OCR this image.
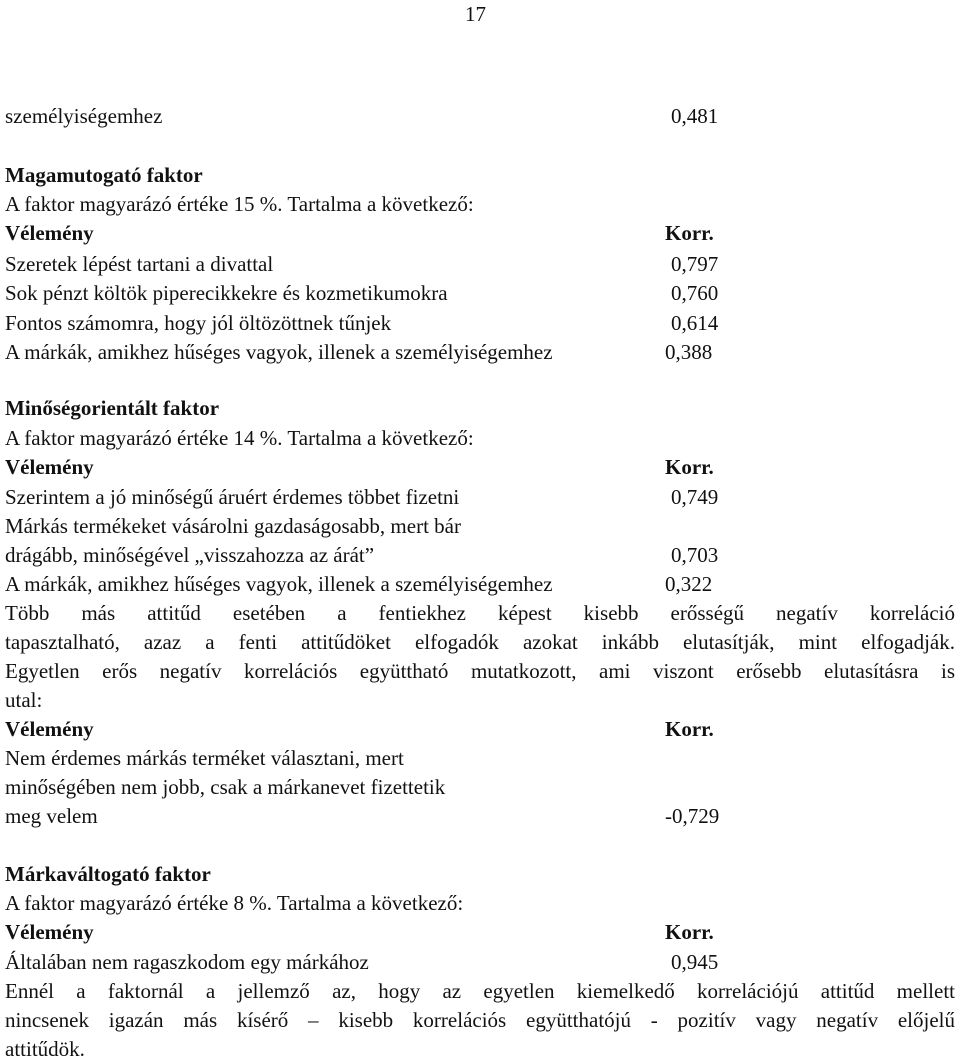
17
személyiségemhez	0,481
Magamutogató faktor
A faktor magyarázó értéke 15 %. Tartalma a következő:
Vélemény	Korr.
Szeretek lépést tartani a divattal	0,797
Sok pénzt költök piperecikkekre és kozmetikumokra	0,760
Fontos számomra, hogy jól öltözöttnek tűnjek	0,614
A márkák, amikhez hűséges vagyok, illenek a személyiségemhez	0,388
Minőségorientált faktor
A faktor magyarázó értéke 14 %. Tartalma a következő:
Vélemény	Korr.
Szerintem a jó minőségű áruért érdemes többet fizetni	0,749
Márkás termékeket vásárolni gazdaságosabb, mert bár
drágább, minőségével „visszahozza az árát”	0,703
A márkák, amikhez hűséges vagyok, illenek a személyiségemhez	0,322
Több más attitűd esetében a fentiekhez képest kisebb erősségű negatív korreláció
tapasztalható, azaz a fenti attitűdöket elfogadók azokat inkább elutasítják, mint elfogadják.
Egyetlen erős negatív korrelációs együttható mutatkozott, ami viszont erősebb elutasításra is
utal:
Vélemény	Korr.
Nem érdemes márkás terméket választani, mert
minőségében nem jobb, csak a márkanevet fizettetik
meg velem	-0,729
Márkaváltogató faktor
A faktor magyarázó értéke 8 %. Tartalma a következő:
Vélemény	Korr.
Általában nem ragaszkodom egy márkához	0,945
Ennél a faktornál a jellemző az, hogy az egyetlen kiemelkedő korrelációjú attitűd mellett
nincsenek igazán más kísérő – kisebb korrelációs együtthatójú - pozitív vagy negatív előjelű
attitűdök.
